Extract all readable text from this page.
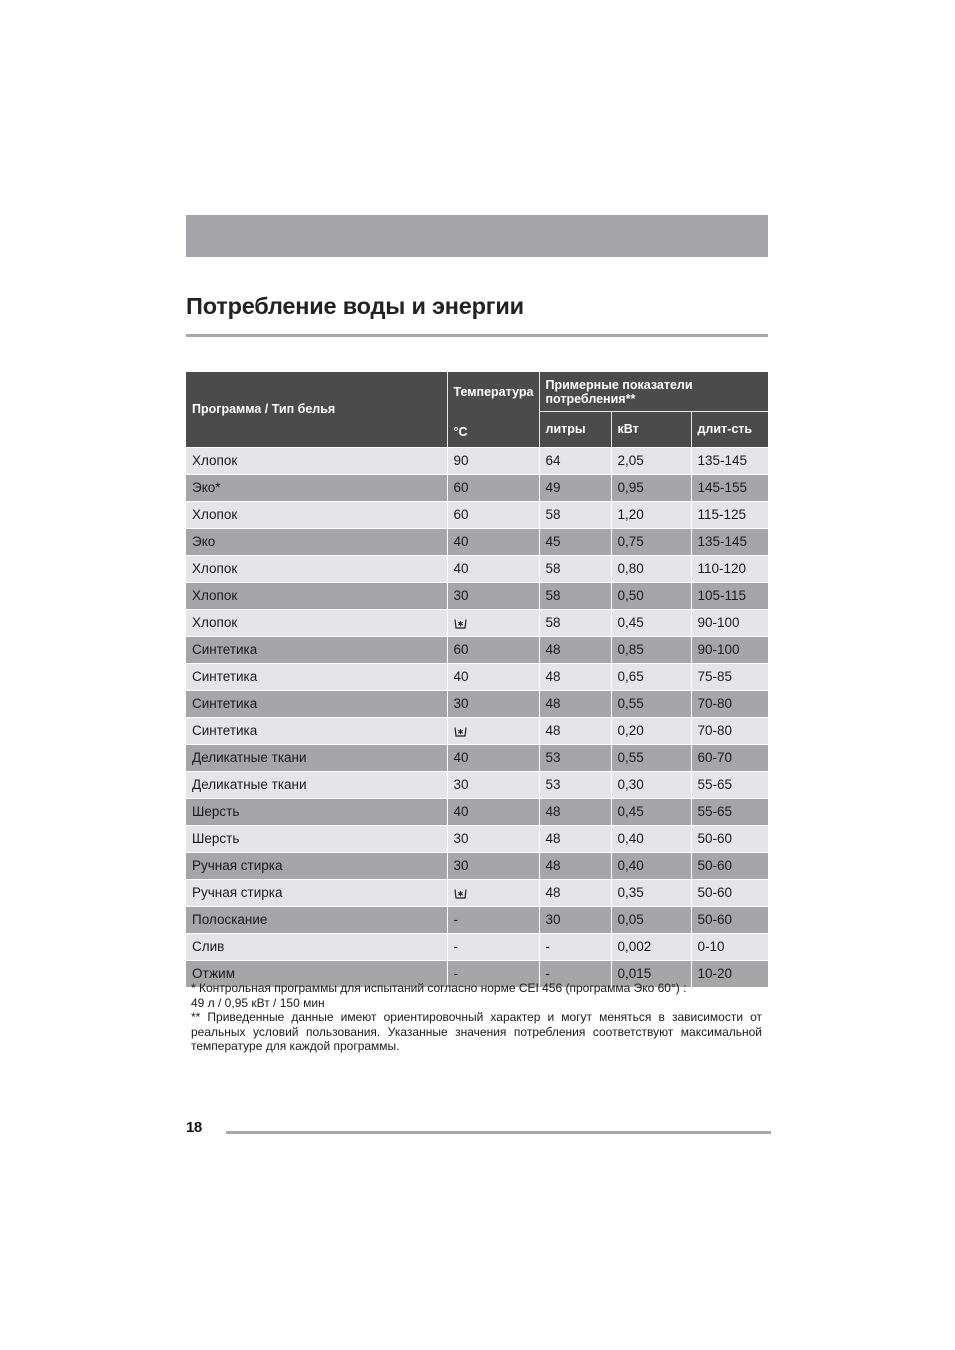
Потребление воды и энергии
Программа / Тип белья	Температура	Примерные показатели потребления**		
	°C	литры	кВт	длит-сть
Хлопок	90	64	2,05	135-145
Эко*	60	49	0,95	145-155
Хлопок	60	58	1,20	115-125
Эко	40	45	0,75	135-145
Хлопок	40	58	0,80	110-120
Хлопок	30	58	0,50	105-115
Хлопок		58	0,45	90-100
Синтетика	60	48	0,85	90-100
Синтетика	40	48	0,65	75-85
Синтетика	30	48	0,55	70-80
Синтетика		48	0,20	70-80
Деликатные ткани	40	53	0,55	60-70
Деликатные ткани	30	53	0,30	55-65
Шерсть	40	48	0,45	55-65
Шерсть	30	48	0,40	50-60
Ручная стирка	30	48	0,40	50-60
Ручная стирка		48	0,35	50-60
Полоскание	-	30	0,05	50-60
Слив	-	-	0,002	0-10
Отжим	-	-	0,015	10-20

* Контрольная программы для испытаний согласно норме CEI 456 (программа Эко 60°) :

49 л / 0,95 кВт / 150 мин

** Приведенные данные имеют ориентировочный характер и могут меняться в зависимости от реальных условий пользования. Указанные значения потребления соответствуют максимальной температуре для каждой программы.

18
